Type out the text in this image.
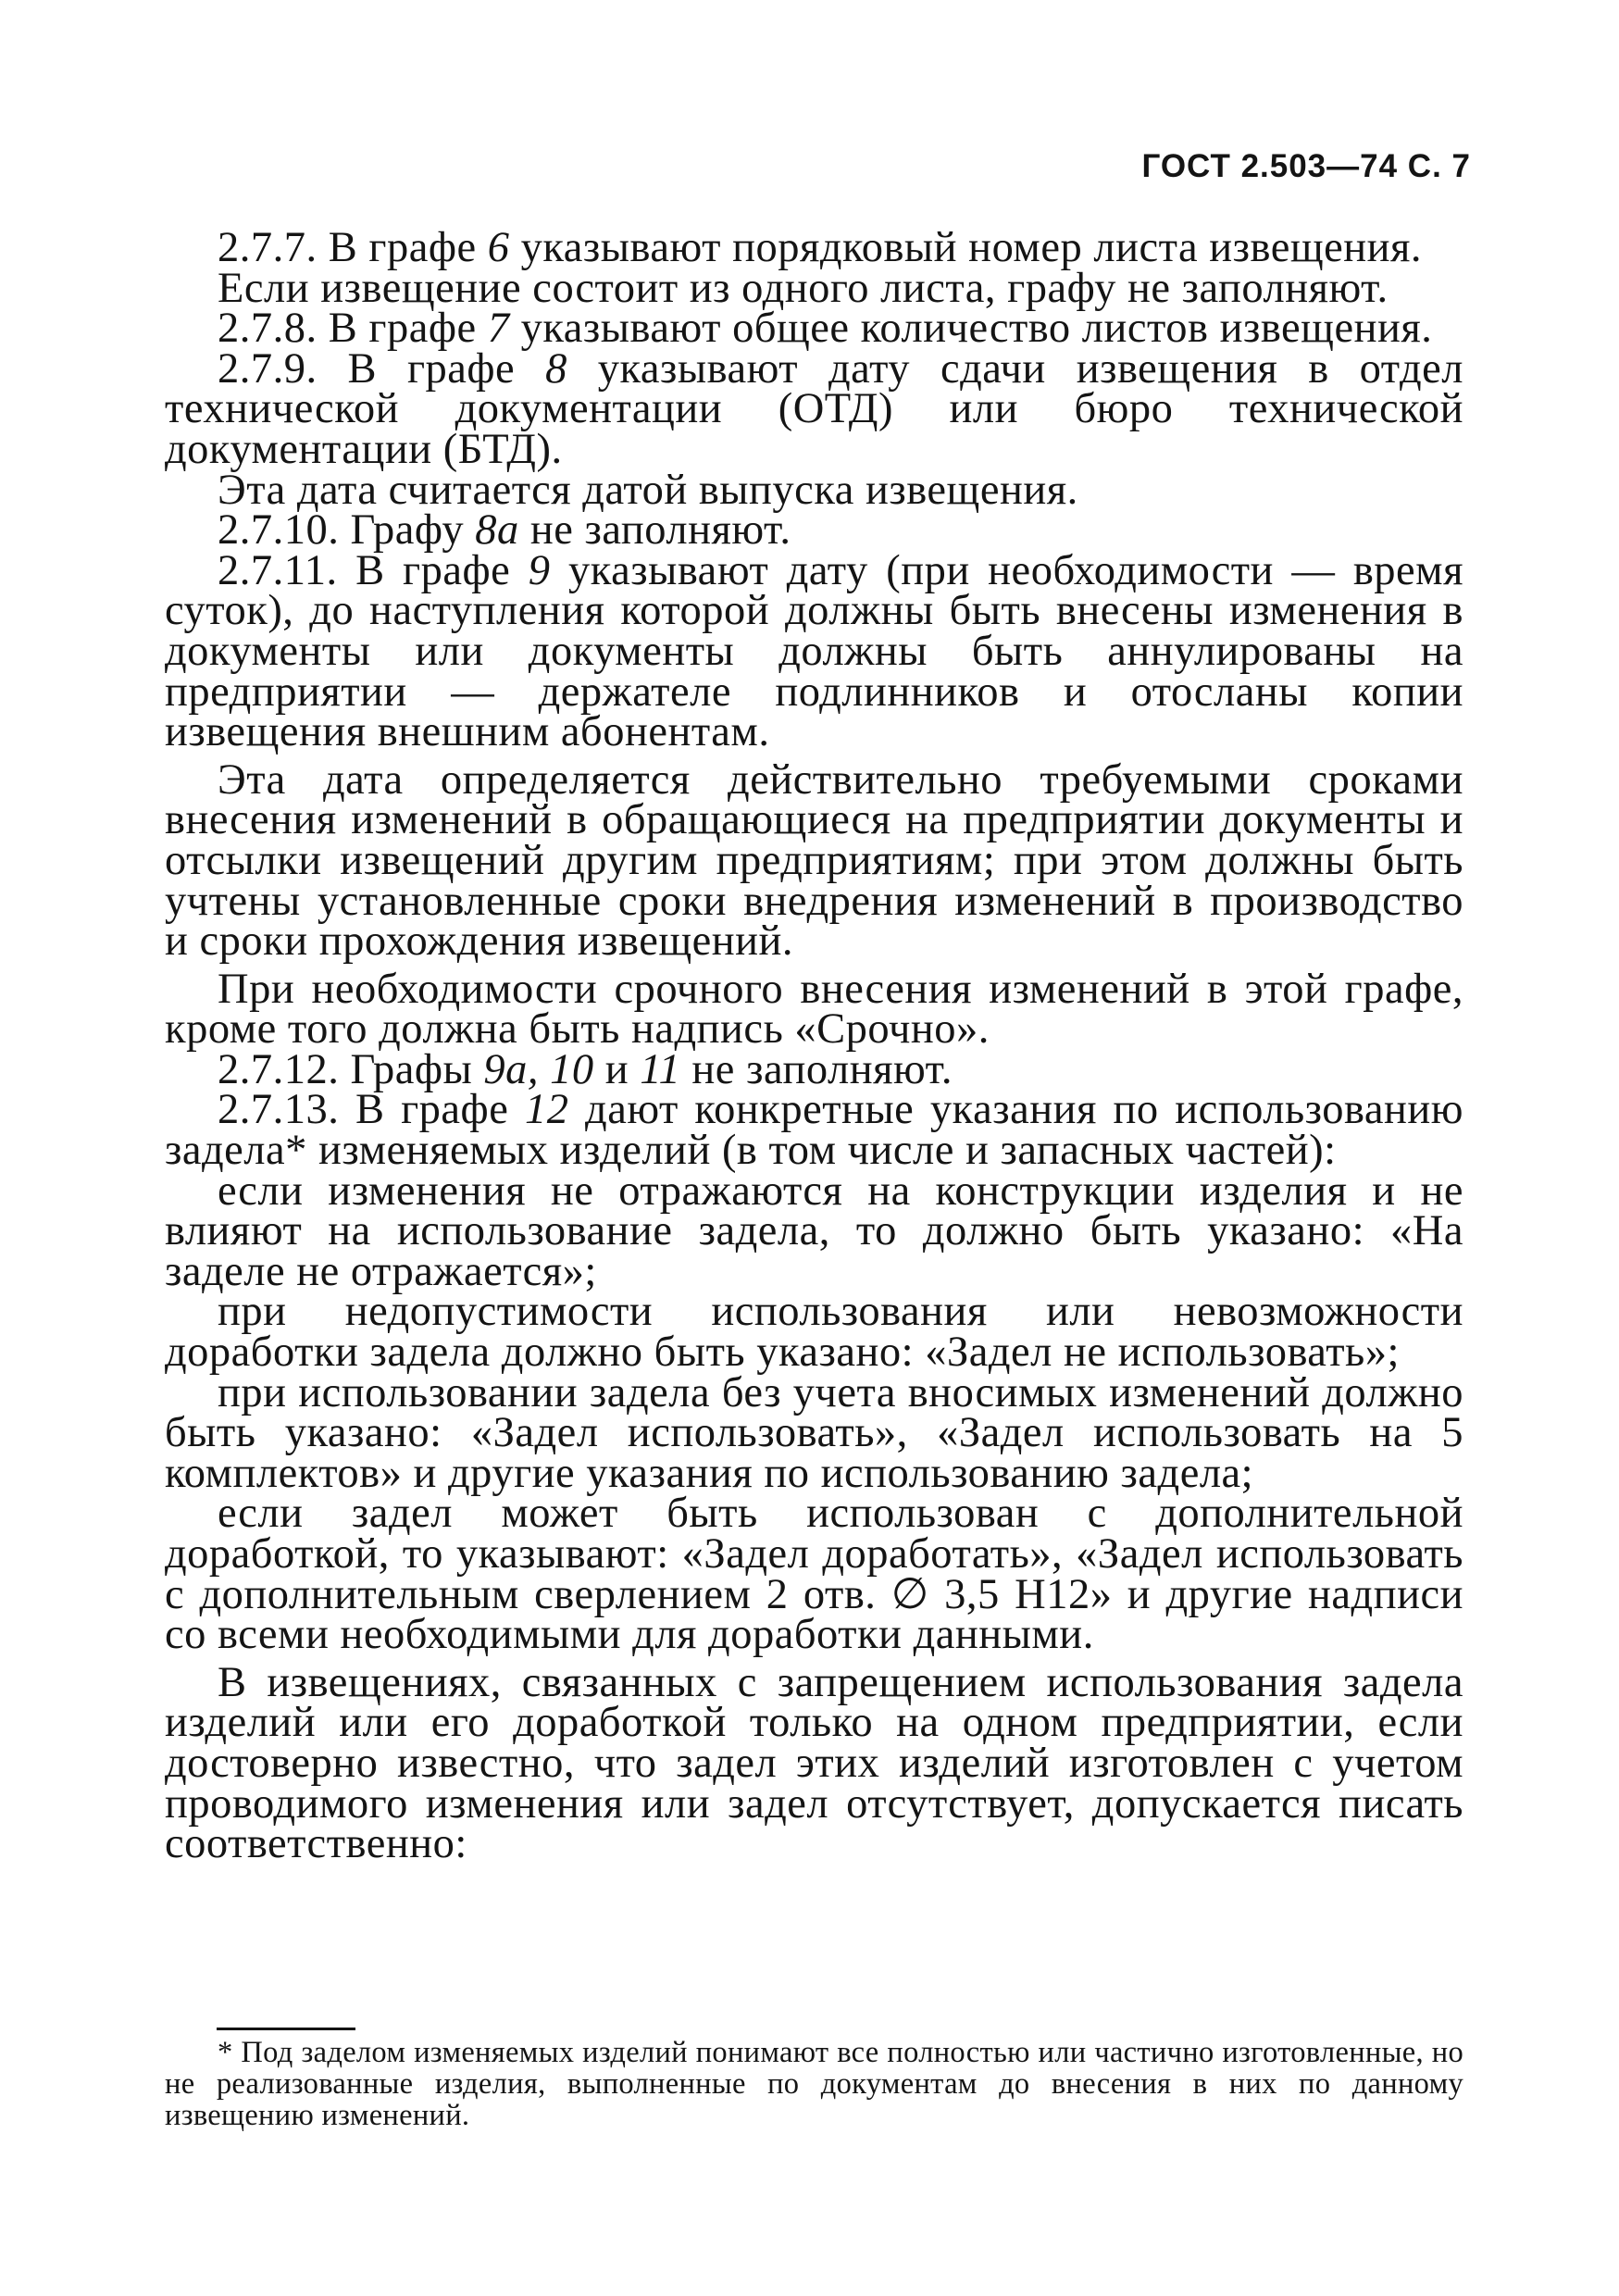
ГОСТ 2.503—74 С. 7

2.7.7. В графе 6 указывают порядковый номер листа извещения.

Если извещение состоит из одного листа, графу не заполняют.

2.7.8. В графе 7 указывают общее количество листов извещения.

2.7.9. В графе 8 указывают дату сдачи извещения в отдел технической документации (ОТД) или бюро технической документации (БТД).

Эта дата считается датой выпуска извещения.

2.7.10. Графу 8а не заполняют.

2.7.11. В графе 9 указывают дату (при необходимости — время суток), до наступления которой должны быть внесены изменения в документы или документы должны быть аннулированы на предприятии — держателе подлинников и отосланы копии извещения внешним абонентам.

Эта дата определяется действительно требуемыми сроками внесения изменений в обращающиеся на предприятии документы и отсылки извещений другим предприятиям; при этом должны быть учтены установленные сроки внедрения изменений в производство и сроки прохождения извещений.

При необходимости срочного внесения изменений в этой графе, кроме того должна быть надпись «Срочно».

2.7.12. Графы 9а, 10 и 11 не заполняют.

2.7.13. В графе 12 дают конкретные указания по использованию задела* изменяемых изделий (в том числе и запасных частей):

если изменения не отражаются на конструкции изделия и не влияют на использование задела, то должно быть указано: «На заделе не отражается»;

при недопустимости использования или невозможности доработки задела должно быть указано: «Задел не использовать»;

при использовании задела без учета вносимых изменений должно быть указано: «Задел использовать», «Задел использовать на 5 комплектов» и другие указания по использованию задела;

если задел может быть использован с дополнительной доработкой, то указывают: «Задел доработать», «Задел использовать с дополнительным сверлением 2 отв. ∅ 3,5 Н12» и другие надписи со всеми необходимыми для доработки данными.

В извещениях, связанных с запрещением использования задела изделий или его доработкой только на одном предприятии, если достоверно известно, что задел этих изделий изготовлен с учетом проводимого изменения или задел отсутствует, допускается писать соответственно:

* Под заделом изменяемых изделий понимают все полностью или частично изготовленные, но не реализованные изделия, выполненные по документам до внесения в них по данному извещению изменений.
